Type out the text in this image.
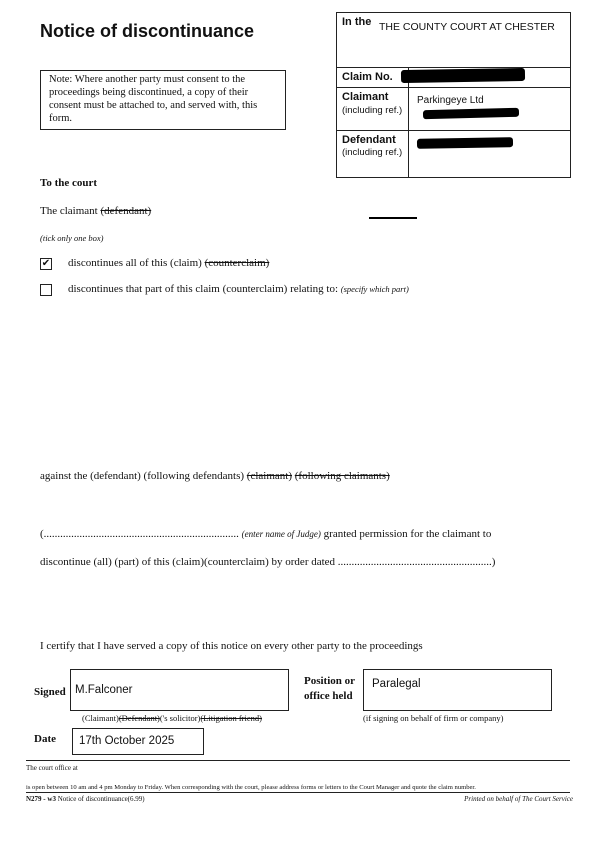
Notice of discontinuance
Note: Where another party must consent to the proceedings being discontinued, a copy of their consent must be attached to, and served with, this form.
In the THE COUNTY COURT AT CHESTER
Claim No.
Claimant
(including ref.)
Parkingeye Ltd
Defendant
(including ref.)
To the court
The claimant (defendant)
(tick only one box)
✔ discontinues all of this (claim) (counterclaim)
discontinues that part of this claim (counterclaim) relating to: (specify which part)
against the (defendant) (following defendants) (claimant) (following claimants)
(....................................................................... (enter name of Judge) granted permission for the claimant to
discontinue (all) (part) of this (claim)(counterclaim) by order dated ........................................................)
I certify that I have served a copy of this notice on every other party to the proceedings
Signed M.Falconer
(Claimant)(Defendant)('s solicitor)(Litigation friend)
Position or
office held
Paralegal
(if signing on behalf of firm or company)
Date 17th October 2025
The court office at
is open between 10 am and 4 pm Monday to Friday. When corresponding with the court, please address forms or letters to the Court Manager and quote the claim number.
N279 - w3 Notice of discontinuance(6.99)	Printed on behalf of The Court Service
